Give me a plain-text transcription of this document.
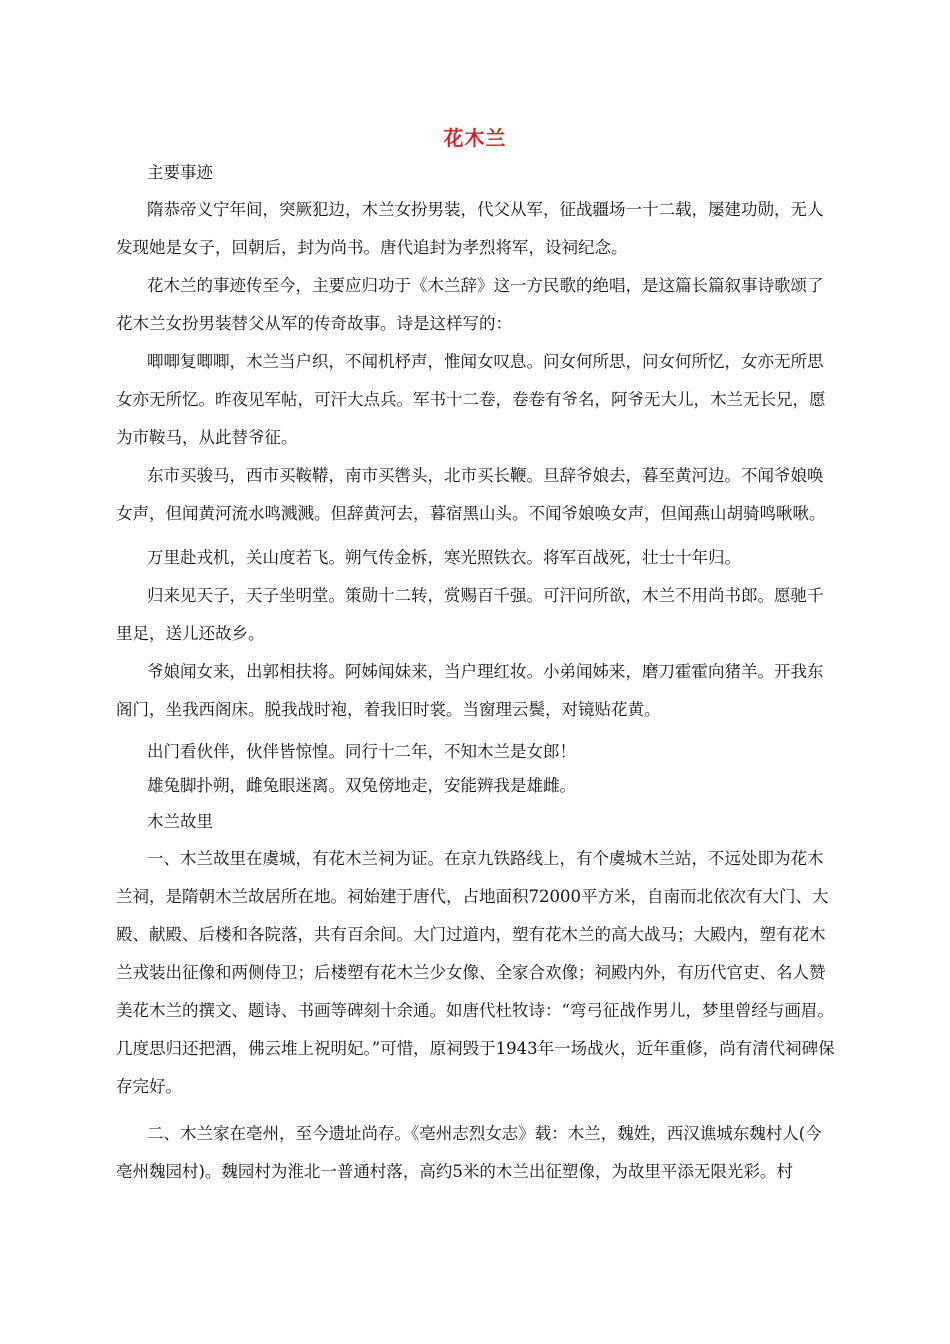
花木兰
主要事迹

隋恭帝义宁年间，突厥犯边，木兰女扮男装，代父从军，征战疆场一十二载，屡建功勋，无人发现她是女子，回朝后，封为尚书。唐代追封为孝烈将军，设祠纪念。

花木兰的事迹传至今，主要应归功于《木兰辞》这一方民歌的绝唱，是这篇长篇叙事诗歌颂了花木兰女扮男装替父从军的传奇故事。诗是这样写的：

唧唧复唧唧，木兰当户织，不闻机杼声，惟闻女叹息。问女何所思，问女何所忆，女亦无所思女亦无所忆。昨夜见军帖，可汗大点兵。军书十二卷，卷卷有爷名，阿爷无大儿，木兰无长兄，愿为市鞍马，从此替爷征。

东市买骏马，西市买鞍鞯，南市买辔头，北市买长鞭。旦辞爷娘去，暮至黄河边。不闻爷娘唤女声，但闻黄河流水鸣溅溅。但辞黄河去，暮宿黑山头。不闻爷娘唤女声，但闻燕山胡骑鸣啾啾。

万里赴戎机，关山度若飞。朔气传金柝，寒光照铁衣。将军百战死，壮士十年归。

归来见天子，天子坐明堂。策勋十二转，赏赐百千强。可汗问所欲，木兰不用尚书郎。愿驰千里足，送儿还故乡。

爷娘闻女来，出郭相扶将。阿姊闻妹来，当户理红妆。小弟闻姊来，磨刀霍霍向猪羊。开我东阁门，坐我西阁床。脱我战时袍，着我旧时裳。当窗理云鬓，对镜贴花黄。

出门看伙伴，伙伴皆惊惶。同行十二年，不知木兰是女郎！

雄兔脚扑朔，雌兔眼迷离。双兔傍地走，安能辨我是雄雌。

木兰故里

一、木兰故里在虞城，有花木兰祠为证。在京九铁路线上，有个虞城木兰站，不远处即为花木兰祠，是隋朝木兰故居所在地。祠始建于唐代，占地面积72000平方米，自南而北依次有大门、大殿、献殿、后楼和各院落，共有百余间。大门过道内，塑有花木兰的高大战马；大殿内，塑有花木兰戎装出征像和两侧侍卫；后楼塑有花木兰少女像、全家合欢像；祠殿内外，有历代官吏、名人赞美花木兰的撰文、题诗、书画等碑刻十余通。如唐代杜牧诗：“弯弓征战作男儿，梦里曾经与画眉。几度思归还把酒，佛云堆上祝明妃。”可惜，原祠毁于1943年一场战火，近年重修，尚有清代祠碑保存完好。

二、木兰家在亳州，至今遗址尚存。《亳州志烈女志》载：木兰，魏姓，西汉谯城东魏村人(今亳州魏园村)。魏园村为淮北一普通村落，高约5米的木兰出征塑像，为故里平添无限光彩。村
